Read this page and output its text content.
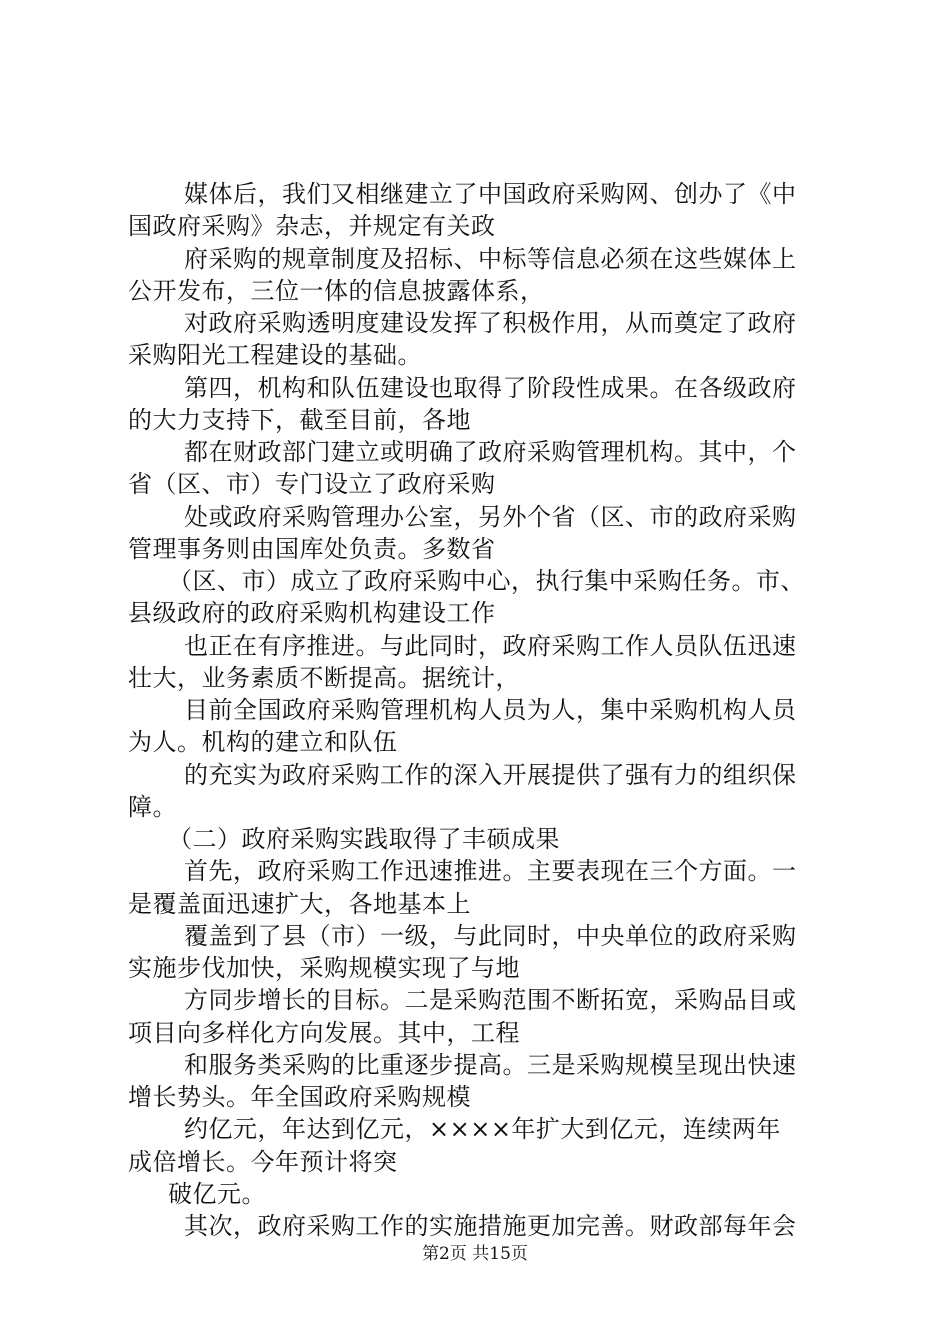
媒体后，我们又相继建立了中国政府采购网、创办了《中
国政府采购》杂志，并规定有关政
府采购的规章制度及招标、中标等信息必须在这些媒体上
公开发布，三位一体的信息披露体系，
对政府采购透明度建设发挥了积极作用，从而奠定了政府
采购阳光工程建设的基础。
第四，机构和队伍建设也取得了阶段性成果。在各级政府
的大力支持下，截至目前，各地
都在财政部门建立或明确了政府采购管理机构。其中，个
省（区、市）专门设立了政府采购
处或政府采购管理办公室，另外个省（区、市的政府采购
管理事务则由国库处负责。多数省
（区、市）成立了政府采购中心，执行集中采购任务。市、
县级政府的政府采购机构建设工作
也正在有序推进。与此同时，政府采购工作人员队伍迅速
壮大，业务素质不断提高。据统计，
目前全国政府采购管理机构人员为人，集中采购机构人员
为人。机构的建立和队伍
的充实为政府采购工作的深入开展提供了强有力的组织保
障。
（二）政府采购实践取得了丰硕成果
首先，政府采购工作迅速推进。主要表现在三个方面。一
是覆盖面迅速扩大，各地基本上
覆盖到了县（市）一级，与此同时，中央单位的政府采购
实施步伐加快，采购规模实现了与地
方同步增长的目标。二是采购范围不断拓宽，采购品目或
项目向多样化方向发展。其中，工程
和服务类采购的比重逐步提高。三是采购规模呈现出快速
增长势头。年全国政府采购规模
约亿元，年达到亿元，××××年扩大到亿元，连续两年
成倍增长。今年预计将突
破亿元。
其次，政府采购工作的实施措施更加完善。财政部每年会
第2页 共15页
